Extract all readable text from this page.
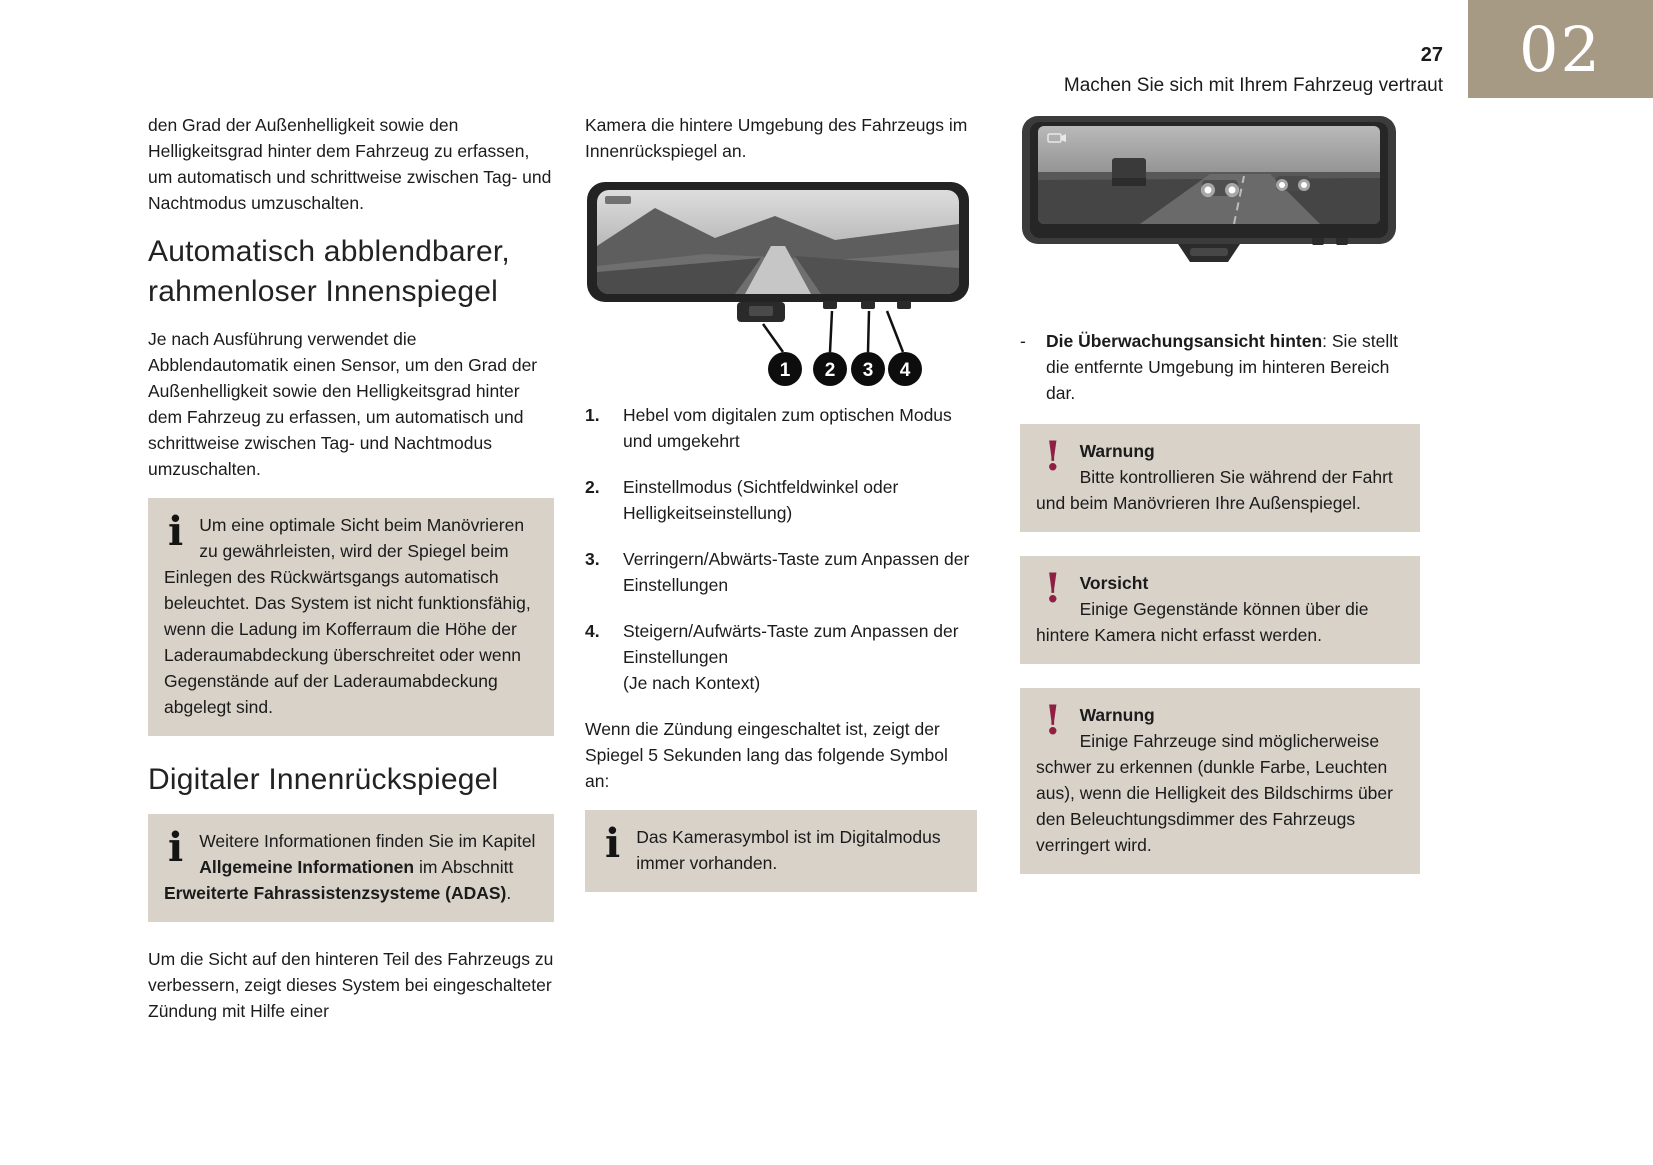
27
Machen Sie sich mit Ihrem Fahrzeug vertraut 02

den Grad der Außenhelligkeit sowie den Helligkeitsgrad hinter dem Fahrzeug zu erfassen, um automatisch und schrittweise zwischen Tag- und Nachtmodus umzuschalten.

Automatisch abblendbarer, rahmenloser Innenspiegel

Je nach Ausführung verwendet die Abblendautomatik einen Sensor, um den Grad der Außenhelligkeit sowie den Helligkeitsgrad hinter dem Fahrzeug zu erfassen, um automatisch und schrittweise zwischen Tag- und Nachtmodus umzuschalten.

i Um eine optimale Sicht beim Manövrieren zu gewährleisten, wird der Spiegel beim Einlegen des Rückwärtsgangs automatisch beleuchtet. Das System ist nicht funktionsfähig, wenn die Ladung im Kofferraum die Höhe der Laderaumabdeckung überschreitet oder wenn Gegenstände auf der Laderaumabdeckung abgelegt sind.
Digitaler Innenrückspiegel
i Weitere Informationen finden Sie im Kapitel Allgemeine Informationen im Abschnitt Erweiterte Fahrassistenzsysteme (ADAS).

Um die Sicht auf den hinteren Teil des Fahrzeugs zu verbessern, zeigt dieses System bei eingeschalteter Zündung mit Hilfe einer

Kamera die hintere Umgebung des Fahrzeugs im Innenrückspiegel an.

1 2 3 4
1.	Hebel vom digitalen zum optischen Modus und umgekehrt
2.	Einstellmodus (Sichtfeldwinkel oder Helligkeitseinstellung)
3.	Verringern/Abwärts-Taste zum Anpassen der Einstellungen
4.	Steigern/Aufwärts-Taste zum Anpassen der Einstellungen
(Je nach Kontext)

Wenn die Zündung eingeschaltet ist, zeigt der Spiegel 5 Sekunden lang das folgende Symbol an:

i Das Kamerasymbol ist im Digitalmodus immer vorhanden.
-	Die Überwachungsansicht hinten: Sie stellt die entfernte Umgebung im hinteren Bereich dar.
! Warnung
Bitte kontrollieren Sie während der Fahrt und beim Manövrieren Ihre Außenspiegel.
! Vorsicht
Einige Gegenstände können über die hintere Kamera nicht erfasst werden.
! Warnung
Einige Fahrzeuge sind möglicherweise schwer zu erkennen (dunkle Farbe, Leuchten aus), wenn die Helligkeit des Bildschirms über den Beleuchtungsdimmer des Fahrzeugs verringert wird.
